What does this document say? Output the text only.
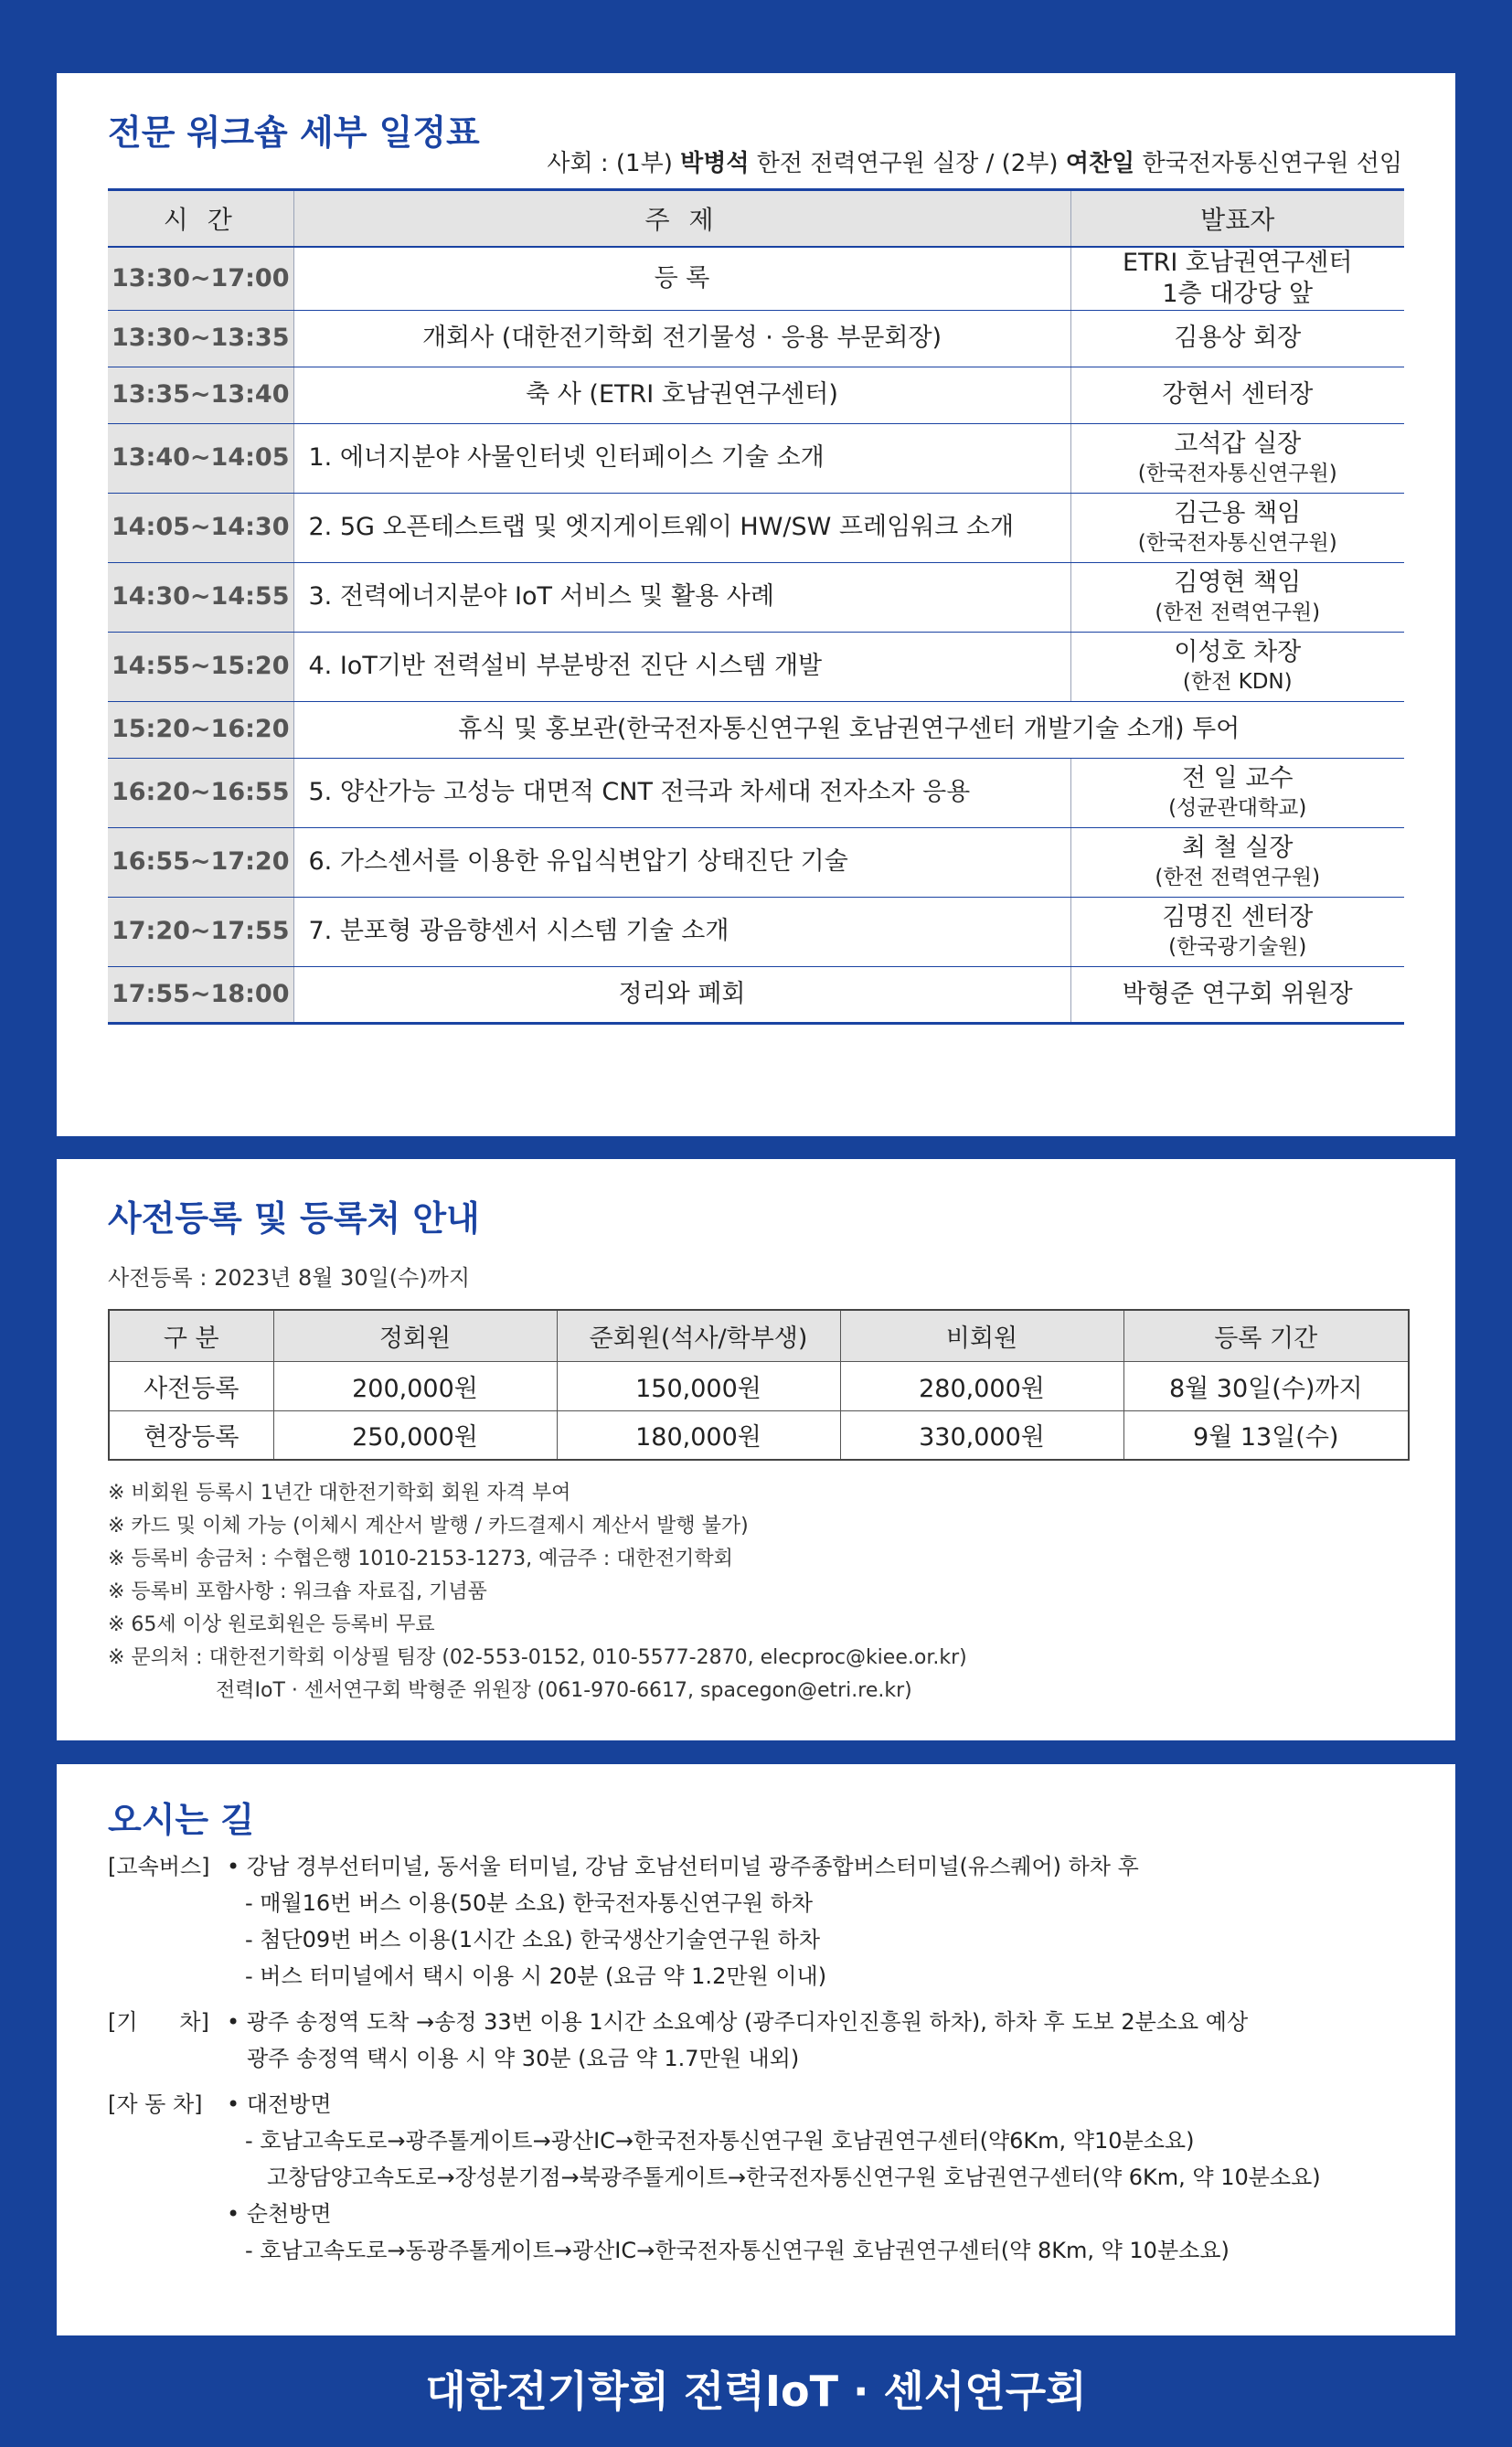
전문 워크숍 세부 일정표
사회 : (1부) 박병석 한전 전력연구원 실장 / (2부) 여찬일 한국전자통신연구원 선임
시 간	주 제	발표자
13:30~17:00	등 록	ETRI 호남권연구센터
1층 대강당 앞

13:30~13:35	개회사 (대한전기학회 전기물성 · 응용 부문회장)	김용상 회장

13:35~13:40	축 사 (ETRI 호남권연구센터)	강현서 센터장

13:40~14:05	1. 에너지분야 사물인터넷 인터페이스 기술 소개	고석갑 실장
(한국전자통신연구원)

14:05~14:30	2. 5G 오픈테스트랩 및 엣지게이트웨이 HW/SW 프레임워크 소개	김근용 책임
(한국전자통신연구원)

14:30~14:55	3. 전력에너지분야 IoT 서비스 및 활용 사례	김영현 책임
(한전 전력연구원)

14:55~15:20	4. IoT기반 전력설비 부분방전 진단 시스템 개발	이성호 차장
(한전 KDN)

15:20~16:20	휴식 및 홍보관(한국전자통신연구원 호남권연구센터 개발기술 소개) 투어	
16:20~16:55	5. 양산가능 고성능 대면적 CNT 전극과 차세대 전자소자 응용	전 일 교수
(성균관대학교)

16:55~17:20	6. 가스센서를 이용한 유입식변압기 상태진단 기술	최 철 실장
(한전 전력연구원)

17:20~17:55	7. 분포형 광음향센서 시스템 기술 소개	김명진 센터장
(한국광기술원)

17:55~18:00	정리와 폐회	박형준 연구회 위원장
사전등록 및 등록처 안내
사전등록 : 2023년 8월 30일(수)까지
구 분	정회원	준회원(석사/학부생)	비회원	등록 기간
사전등록	200,000원	150,000원	280,000원	8월 30일(수)까지
현장등록	250,000원	180,000원	330,000원	9월 13일(수)
※ 비회원 등록시 1년간 대한전기학회 회원 자격 부여
※ 카드 및 이체 가능 (이체시 계산서 발행 / 카드결제시 계산서 발행 불가)
※ 등록비 송금처 : 수협은행 1010-2153-1273, 예금주 : 대한전기학회
※ 등록비 포함사항 : 워크숍 자료집, 기념품
※ 65세 이상 원로회원은 등록비 무료
※ 문의처 : 대한전기학회 이상필 팀장 (02-553-0152, 010-5577-2870, elecproc@kiee.or.kr)
전력IoT · 센서연구회 박형준 위원장 (061-970-6617, spacegon@etri.re.kr)
오시는 길
[고속버스]	• 강남 경부선터미널, 동서울 터미널, 강남 호남선터미널 광주종합버스터미널(유스퀘어) 하차 후
- 매월16번 버스 이용(50분 소요) 한국전자통신연구원 하차
- 첨단09번 버스 이용(1시간 소요) 한국생산기술연구원 하차
- 버스 터미널에서 택시 이용 시 20분 (요금 약 1.2만원 이내)
[기      차]	• 광주 송정역 도착 →송정 33번 이용 1시간 소요예상 (광주디자인진흥원 하차), 하차 후 도보 2분소요 예상
광주 송정역 택시 이용 시 약 30분 (요금 약 1.7만원 내외)
[자 동 차]	• 대전방면
- 호남고속도로→광주톨게이트→광산IC→한국전자통신연구원 호남권연구센터(약6Km, 약10분소요)
고창담양고속도로→장성분기점→북광주톨게이트→한국전자통신연구원 호남권연구센터(약 6Km, 약 10분소요)
• 순천방면
- 호남고속도로→동광주톨게이트→광산IC→한국전자통신연구원 호남권연구센터(약 8Km, 약 10분소요)
대한전기학회 전력IoT · 센서연구회
